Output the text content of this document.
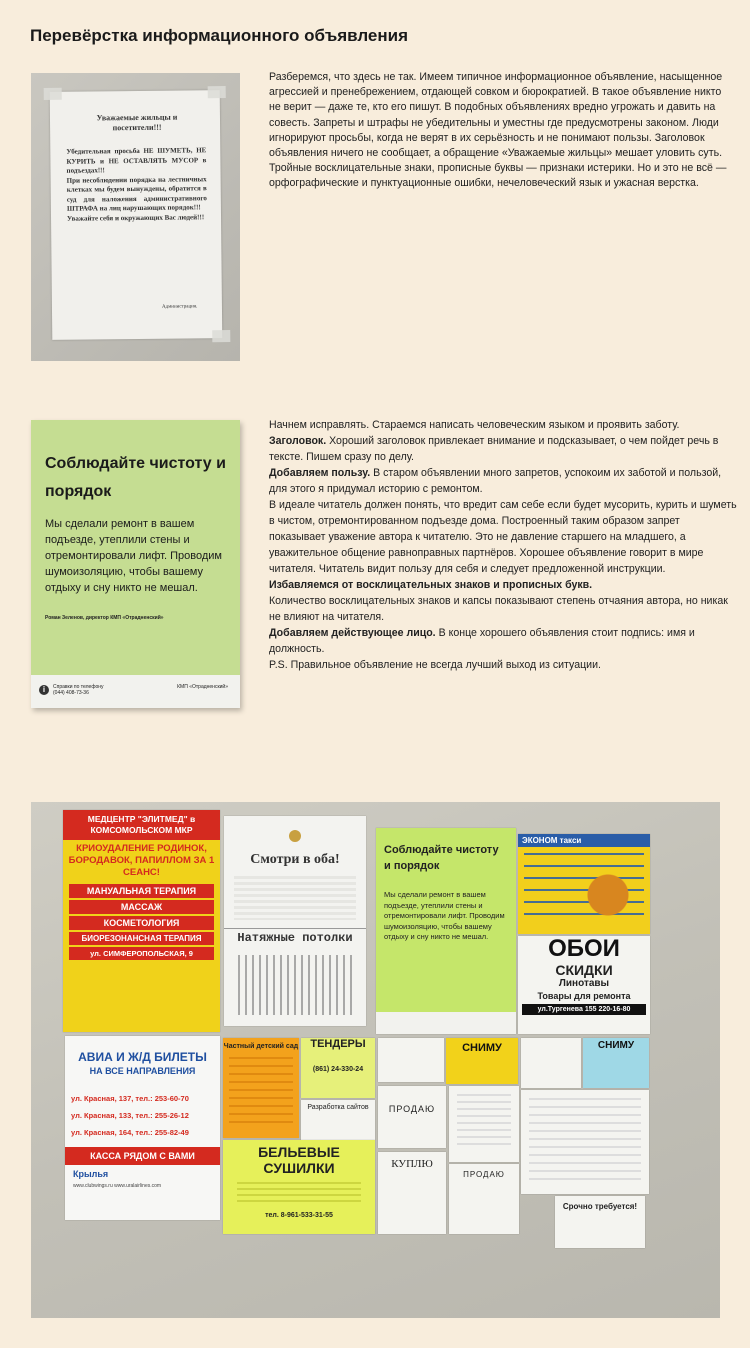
Перевёрстка информационного объявления
Уважаемые жильцы и посетители!!!
Убедительная просьба НЕ ШУМЕТЬ, НЕ КУРИТЬ и НЕ ОСТАВЛЯТЬ МУСОР в подъездах!!!
При несоблюдении порядка на лестничных клетках мы будем вынуждены, обратится в суд для наложения административного ШТРАФА на лиц нарушающих порядок!!!
Уважайте себя и окружающих Вас людей!!!
Администрация.
Разберемся, что здесь не так. Имеем типичное информационное объявление, насыщенное агрессией и пренебрежением, отдающей совком и бюрократией. В такое объявление никто не верит — даже те, кто его пишут. В подобных объявлениях вредно угрожать и давить на совесть. Запреты и штрафы не убедительны и уместны где предусмотрены законом. Люди игнорируют просьбы, когда не верят в их серьёзность и не понимают пользы. Заголовок объявления ничего не сообщает, а обращение «Уважаемые жильцы» мешает уловить суть. Тройные восклицательные знаки, прописные буквы — признаки истерики. Но и это не всё — орфографические и пунктуационные ошибки, нечеловеческий язык и ужасная верстка.
Соблюдайте чистоту и порядок
Мы сделали ремонт в вашем подъезде, утеплили стены и отремонтировали лифт. Проводим шумоизоляцию, чтобы вашему отдыху и сну никто не мешал.
Роман Зеленов, директор КМП «Отрадненский»
i	Справки по телефону
(044) 408-73-36
КМП «Отрадненский»

Начнем исправлять. Стараемся написать человеческим языком и проявить заботу.

Заголовок. Хороший заголовок привлекает внимание и подсказывает, о чем пойдет речь в тексте. Пишем сразу по делу.

Добавляем пользу. В старом объявлении много запретов, успокоим их заботой и пользой, для этого я придумал историю с ремонтом.

В идеале читатель должен понять, что вредит сам себе если будет мусорить, курить и шуметь в чистом, отремонтированном подъезде дома. Построенный таким образом запрет показывает уважение автора к читателю. Это не давление старшего на младшего, а уважительное общение равноправных партнёров. Хорошее объявление говорит в мире читателя. Читатель видит пользу для себя и следует предложенной инструкции.

Избавляемся от восклицательных знаков и прописных букв.

Количество восклицательных знаков и капсы показывают степень отчаяния автора, но никак не влияют на читателя.

Добавляем действующее лицо. В конце хорошего объявления стоит подпись: имя и должность.

P.S. Правильное объявление не всегда лучший выход из ситуации.

МЕДЦЕНТР "ЭЛИТМЕД" в КОМСОМОЛЬСКОМ МКР
КРИОУДАЛЕНИЕ РОДИНОК, БОРОДАВОК, ПАПИЛЛОМ ЗА 1 СЕАНС!
МАНУАЛЬНАЯ ТЕРАПИЯ
МАССАЖ
КОСМЕТОЛОГИЯ
БИОРЕЗОНАНСНАЯ ТЕРАПИЯ
ул. СИМФЕРОПОЛЬСКАЯ, 9
Смотри в оба!
Натяжные потолки
Соблюдайте чистоту и порядок
Мы сделали ремонт в вашем подъезде, утеплили стены и отремонтировали лифт. Проводим шумоизоляцию, чтобы вашему отдыху и сну никто не мешал.
ЭКОНОМ такси
ОБОИ
СКИДКИ
Линотавы
Товары для ремонта
ул.Тургенева 155 220-16-80
АВИА И Ж/Д БИЛЕТЫ
НА ВСЕ НАПРАВЛЕНИЯ
ул. Красная, 137, тел.: 253-60-70
ул. Красная, 133, тел.: 255-26-12
ул. Красная, 164, тел.: 255-82-49
КАССА РЯДОМ С ВАМИ
Крылья
www.clubwings.ru www.uralairlines.com
Частный детский сад	ТЕНДЕРЫ
(861) 24-330-24
Разработка сайтов
СНИМУ	СНИМУ
БЕЛЬЕВЫЕ СУШИЛКИ
тел. 8-961-533-31-55
ПРОДАЮ
КУПЛЮ
ПРОДАЮ
Срочно требуется!
